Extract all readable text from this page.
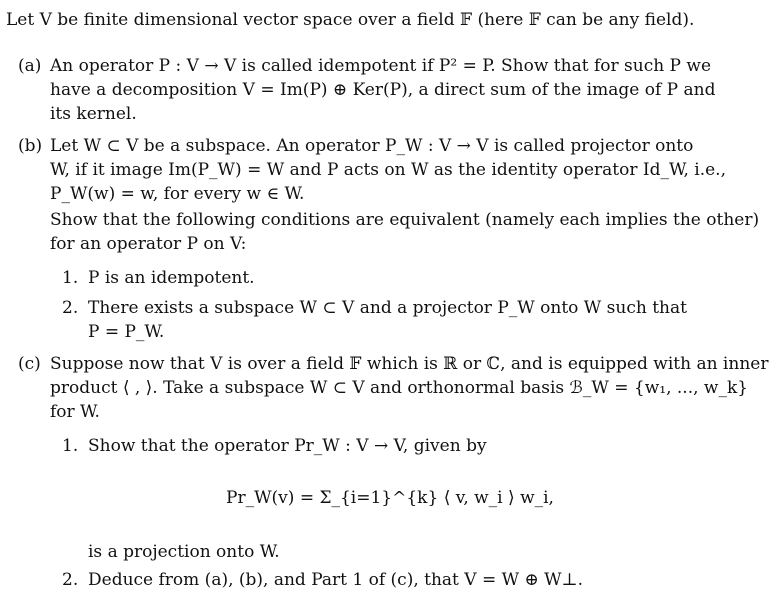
Let V be finite dimensional vector space over a field 𝔽 (here 𝔽 can be any field).

(a) An operator P : V → V is called idempotent if P² = P. Show that for such P we

have a decomposition V = Im(P) ⊕ Ker(P), a direct sum of the image of P and

its kernel.

(b) Let W ⊂ V be a subspace. An operator P_W : V → V is called projector onto

W, if it image Im(P_W) = W and P acts on W as the identity operator Id_W, i.e.,

P_W(w) = w, for every w ∈ W.

Show that the following conditions are equivalent (namely each implies the other)

for an operator P on V:

1. P is an idempotent.

2. There exists a subspace W ⊂ V and a projector P_W onto W such that

P = P_W.

(c) Suppose now that V is over a field 𝔽 which is ℝ or ℂ, and is equipped with an inner

product ⟨ , ⟩. Take a subspace W ⊂ V and orthonormal basis ℬ_W = {w₁, ..., w_k}

for W.

1. Show that the operator Pr_W : V → V, given by

Pr_W(v) = Σ_{i=1}^{k} ⟨ v, w_i ⟩ w_i,

is a projection onto W.

2. Deduce from (a), (b), and Part 1 of (c), that V = W ⊕ W⊥.
